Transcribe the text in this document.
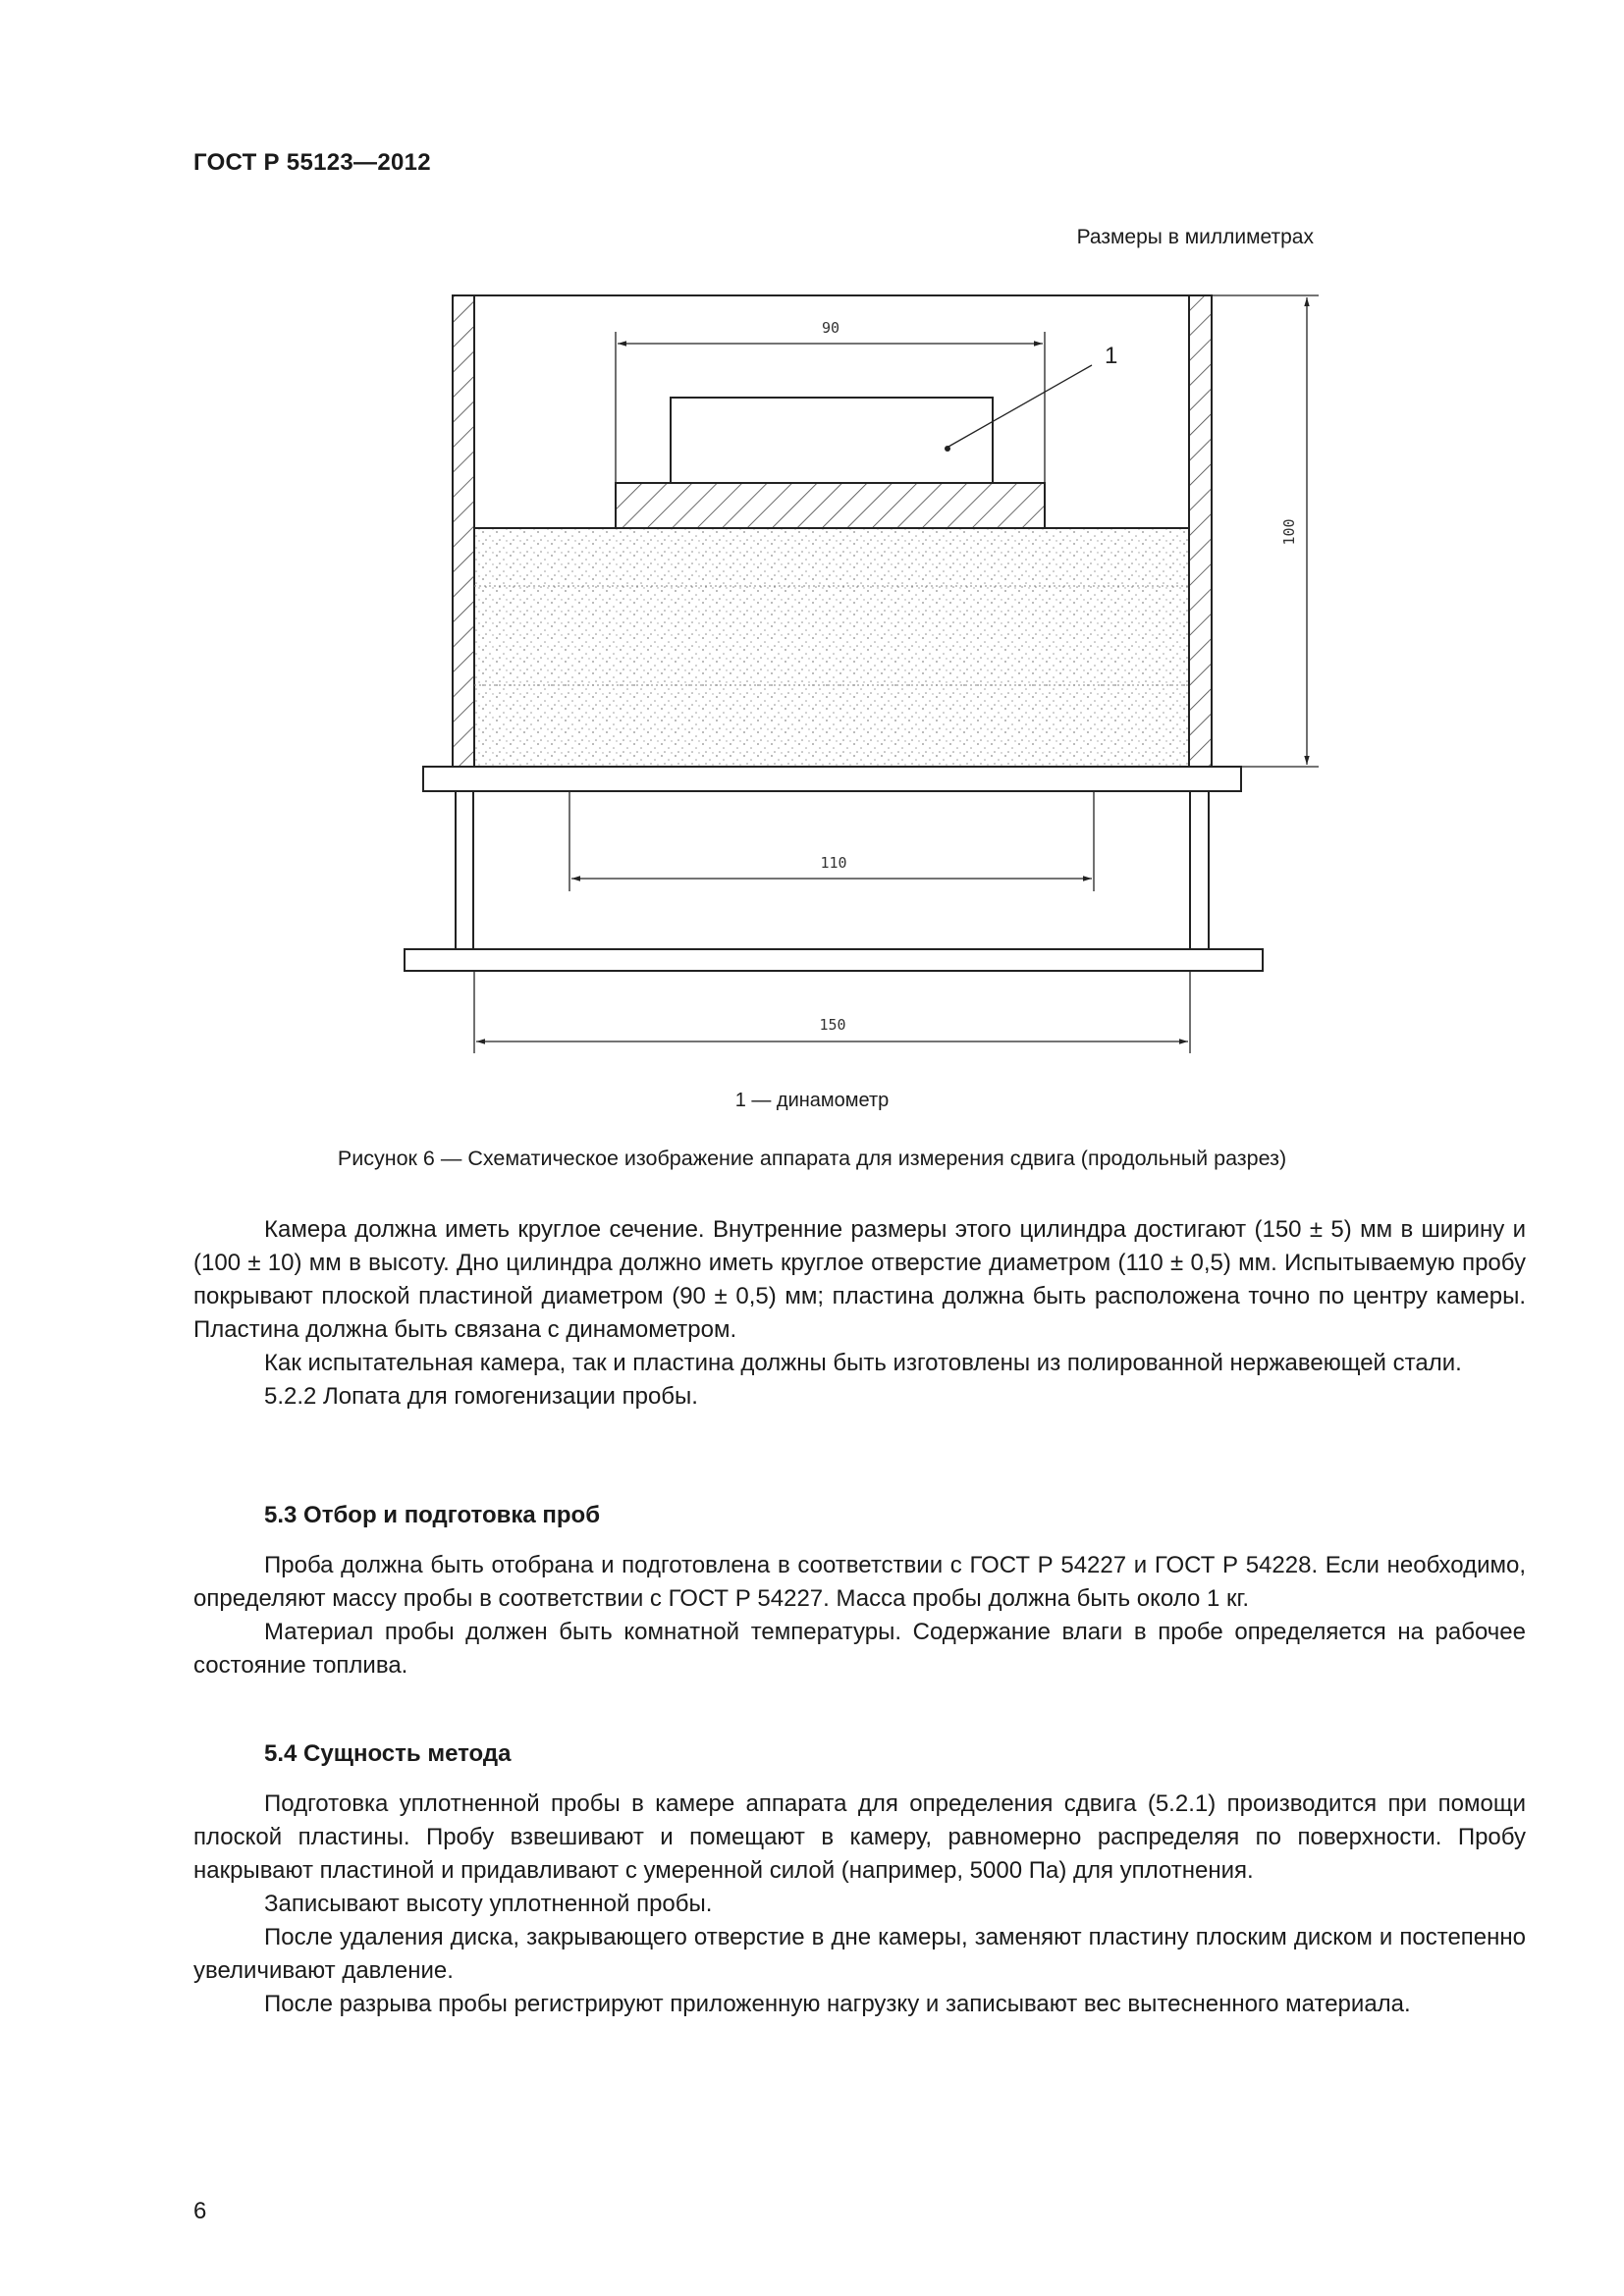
ГОСТ Р 55123—2012
Размеры в миллиметрах
90
110
150
100
1
1 — динамометр
Рисунок 6 — Схематическое изображение аппарата для измерения сдвига (продольный разрез)

Камера должна иметь круглое сечение. Внутренние размеры этого цилиндра достигают (150 ± 5) мм в ширину и (100 ± 10) мм в высоту. Дно цилиндра должно иметь круглое отверстие диаметром (110 ± 0,5) мм. Испытываемую пробу покрывают плоской пластиной диаметром (90 ± 0,5) мм; пластина должна быть расположена точно по центру камеры. Пластина должна быть связана с динамометром.

Как испытательная камера, так и пластина должны быть изготовлены из полированной нержавеющей стали.

5.2.2 Лопата для гомогенизации пробы.

5.3 Отбор и подготовка проб

Проба должна быть отобрана и подготовлена в соответствии с ГОСТ Р 54227 и ГОСТ Р 54228. Если необходимо, определяют массу пробы в соответствии с ГОСТ Р 54227. Масса пробы должна быть около 1 кг.

Материал пробы должен быть комнатной температуры. Содержание влаги в пробе определяется на рабочее состояние топлива.

5.4 Сущность метода

Подготовка уплотненной пробы в камере аппарата для определения сдвига (5.2.1) производится при помощи плоской пластины. Пробу взвешивают и помещают в камеру, равномерно распределяя по поверхности. Пробу накрывают пластиной и придавливают с умеренной силой (например, 5000 Па) для уплотнения.

Записывают высоту уплотненной пробы.

После удаления диска, закрывающего отверстие в дне камеры, заменяют пластину плоским диском и постепенно увеличивают давление.

После разрыва пробы регистрируют приложенную нагрузку и записывают вес вытесненного материала.

6
